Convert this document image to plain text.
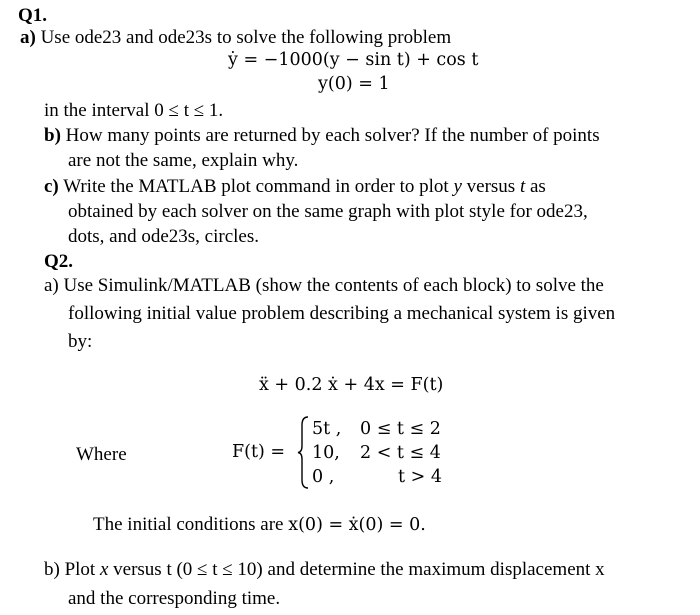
Q1.
a) Use ode23 and ode23s to solve the following problem
ẏ = −1000(y − sin t) + cos t
y(0) = 1
in the interval 0 ≤ t ≤ 1.
b) How many points are returned by each solver? If the number of points
are not the same, explain why.
c) Write the MATLAB plot command in order to plot y versus t as
obtained by each solver on the same graph with plot style for ode23,
dots, and ode23s, circles.
Q2.
a) Use Simulink/MATLAB (show the contents of each block) to solve the
following initial value problem describing a mechanical system is given
by:
ẍ + 0.2 ẋ + 4x = F(t)
Where	F(t) =
5t , 0 ≤ t ≤ 2
10, 2 < t ≤ 4
0 ,	t > 4
The initial conditions are x(0) = ẋ(0) = 0.
b) Plot x versus t (0 ≤ t ≤ 10) and determine the maximum displacement x
and the corresponding time.
